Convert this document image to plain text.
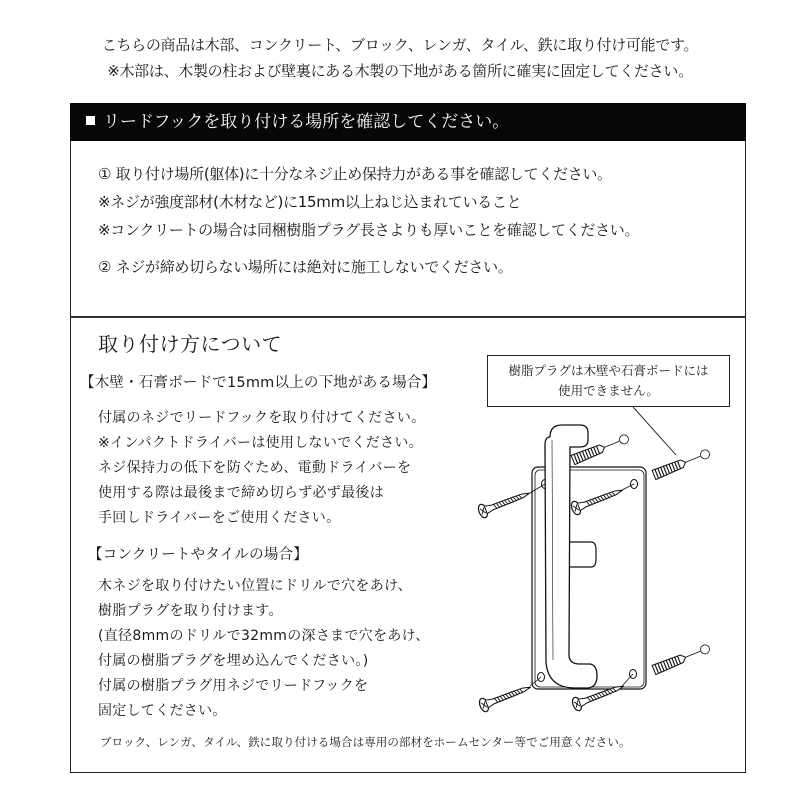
こちらの商品は木部、コンクリート、ブロック、レンガ、タイル、鉄に取り付け可能です。
※木部は、木製の柱および壁裏にある木製の下地がある箇所に確実に固定してください。
リードフックを取り付ける場所を確認してください。
① 取り付け場所(躯体)に十分なネジ止め保持力がある事を確認してください。
※ネジが強度部材(木材など)に15mm以上ねじ込まれていること
※コンクリートの場合は同梱樹脂プラグ長さよりも厚いことを確認してください。
② ネジが締め切らない場所には絶対に施工しないでください。
取り付け方について
【木壁・石膏ボードで15mm以上の下地がある場合】
付属のネジでリードフックを取り付けてください。
※インパクトドライバーは使用しないでください。
ネジ保持力の低下を防ぐため、電動ドライバーを
使用する際は最後まで締め切らず必ず最後は
手回しドライバーをご使用ください。
【コンクリートやタイルの場合】
木ネジを取り付けたい位置にドリルで穴をあけ、
樹脂プラグを取り付けます。
(直径8mmのドリルで32mmの深さまで穴をあけ、
付属の樹脂プラグを埋め込んでください。)
付属の樹脂プラグ用ネジでリードフックを
固定してください。
樹脂プラグは木壁や石膏ボードには
使用できません。
ブロック、レンガ、タイル、鉄に取り付ける場合は専用の部材をホームセンター等でご用意ください。
